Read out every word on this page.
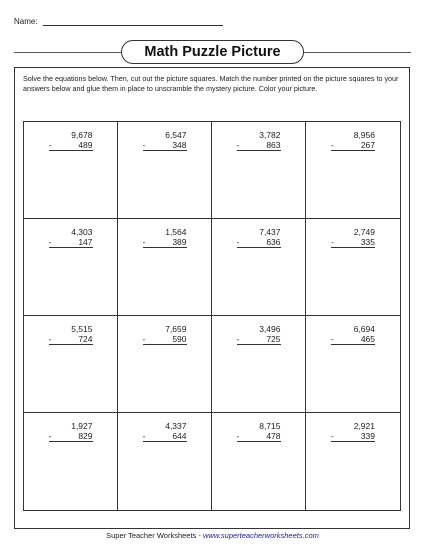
Name:
Math Puzzle Picture
Solve the equations below. Then, cut out the picture squares. Match the number printed on the picture squares to your answers below and glue them in place to unscramble the mystery picture. Color your picture.
9,678
-	489
6,547
-	348
3,782
-	863
8,956
-	267
4,303
-	147
1,564
-	389
7,437
-	636
2,749
-	335
5,515
-	724
7,659
-	590
3,496
-	725
6,694
-	465
1,927
-	829
4,337
-	644
8,715
-	478
2,921
-	339
Super Teacher Worksheets - www.superteacherworksheets.com
